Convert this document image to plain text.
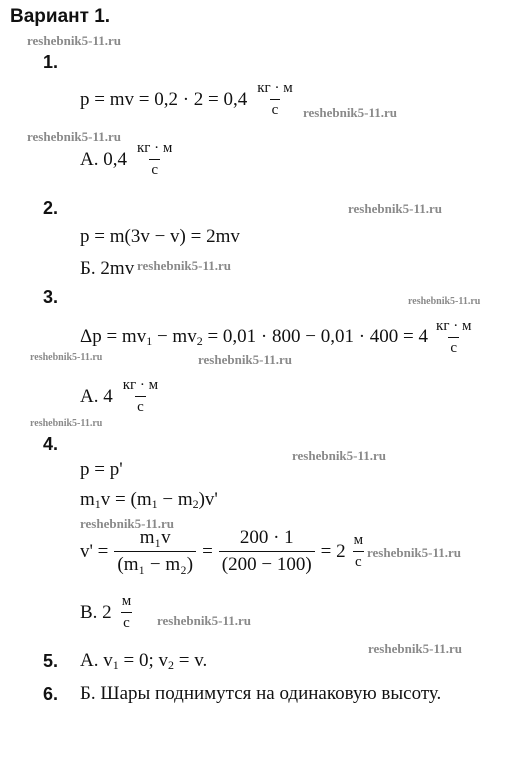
Вариант 1.
reshebnik5-11.ru
1.
p = mv = 0,2 · 2 = 0,4
кг · м
с reshebnik5-11.ru
reshebnik5-11.ru
А. 0,4
кг · м
с
2.	reshebnik5-11.ru
p = m(3v − v) = 2mv
Б. 2mv reshebnik5-11.ru
3.	reshebnik5-11.ru
$\Delta p = mv_1 - mv_2 = 0,01 \cdot 800 - 0,01 \cdot 400 = 4$ кг · м
с
reshebnik5-11.ru	reshebnik5-11.ru
А. 4
кг · м
с
reshebnik5-11.ru
4.
reshebnik5-11.ru
p = p'
$m_1v = (m_1 - m_2)v'$
reshebnik5-11.ru
$v' = \frac{\text{m₁v}}{\text{(m₁ − m₂)}} = \frac{200 \cdot 1}{(200 - 100)} = 2$
м
с
reshebnik5-11.ru
В. 2
м
с reshebnik5-11.ru
reshebnik5-11.ru
5. А. $v_1 = 0$; $v_2 = v$.
6. Б. Шары поднимутся на одинаковую высоту.
